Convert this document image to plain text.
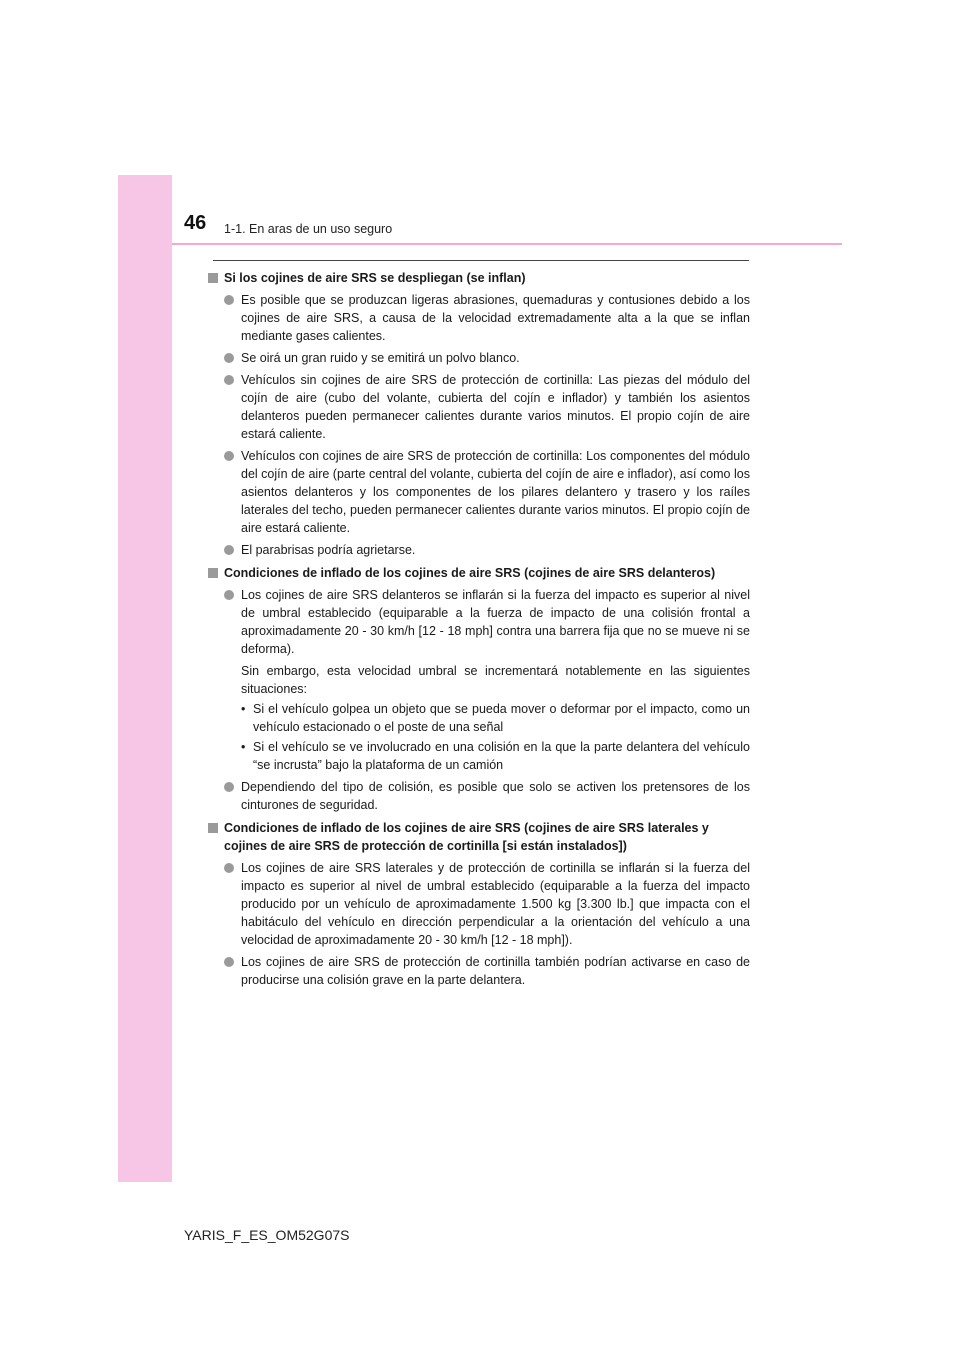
46 1-1. En aras de un uso seguro
Si los cojines de aire SRS se despliegan (se inflan)
Es posible que se produzcan ligeras abrasiones, quemaduras y contusiones debido a los cojines de aire SRS, a causa de la velocidad extremadamente alta a la que se inflan mediante gases calientes.
Se oirá un gran ruido y se emitirá un polvo blanco.
Vehículos sin cojines de aire SRS de protección de cortinilla: Las piezas del módulo del cojín de aire (cubo del volante, cubierta del cojín e inflador) y también los asientos delanteros pueden permanecer calientes durante varios minutos. El propio cojín de aire estará caliente.
Vehículos con cojines de aire SRS de protección de cortinilla: Los componentes del módulo del cojín de aire (parte central del volante, cubierta del cojín de aire e inflador), así como los asientos delanteros y los componentes de los pilares delantero y trasero y los raíles laterales del techo, pueden permanecer calientes durante varios minutos. El propio cojín de aire estará caliente.
El parabrisas podría agrietarse.
Condiciones de inflado de los cojines de aire SRS (cojines de aire SRS delanteros)
Los cojines de aire SRS delanteros se inflarán si la fuerza del impacto es superior al nivel de umbral establecido (equiparable a la fuerza de impacto de una colisión frontal a aproximadamente 20 - 30 km/h [12 - 18 mph] contra una barrera fija que no se mueve ni se deforma).
Sin embargo, esta velocidad umbral se incrementará notablemente en las siguientes situaciones:
• Si el vehículo golpea un objeto que se pueda mover o deformar por el impacto, como un vehículo estacionado o el poste de una señal
• Si el vehículo se ve involucrado en una colisión en la que la parte delantera del vehículo “se incrusta” bajo la plataforma de un camión
Dependiendo del tipo de colisión, es posible que solo se activen los pretensores de los cinturones de seguridad.
Condiciones de inflado de los cojines de aire SRS (cojines de aire SRS laterales y cojines de aire SRS de protección de cortinilla [si están instalados])
Los cojines de aire SRS laterales y de protección de cortinilla se inflarán si la fuerza del impacto es superior al nivel de umbral establecido (equiparable a la fuerza del impacto producido por un vehículo de aproximadamente 1.500 kg [3.300 lb.] que impacta con el habitáculo del vehículo en dirección perpendicular a la orientación del vehículo a una velocidad de aproximadamente 20 - 30 km/h [12 - 18 mph]).
Los cojines de aire SRS de protección de cortinilla también podrían activarse en caso de producirse una colisión grave en la parte delantera.
YARIS_F_ES_OM52G07S
